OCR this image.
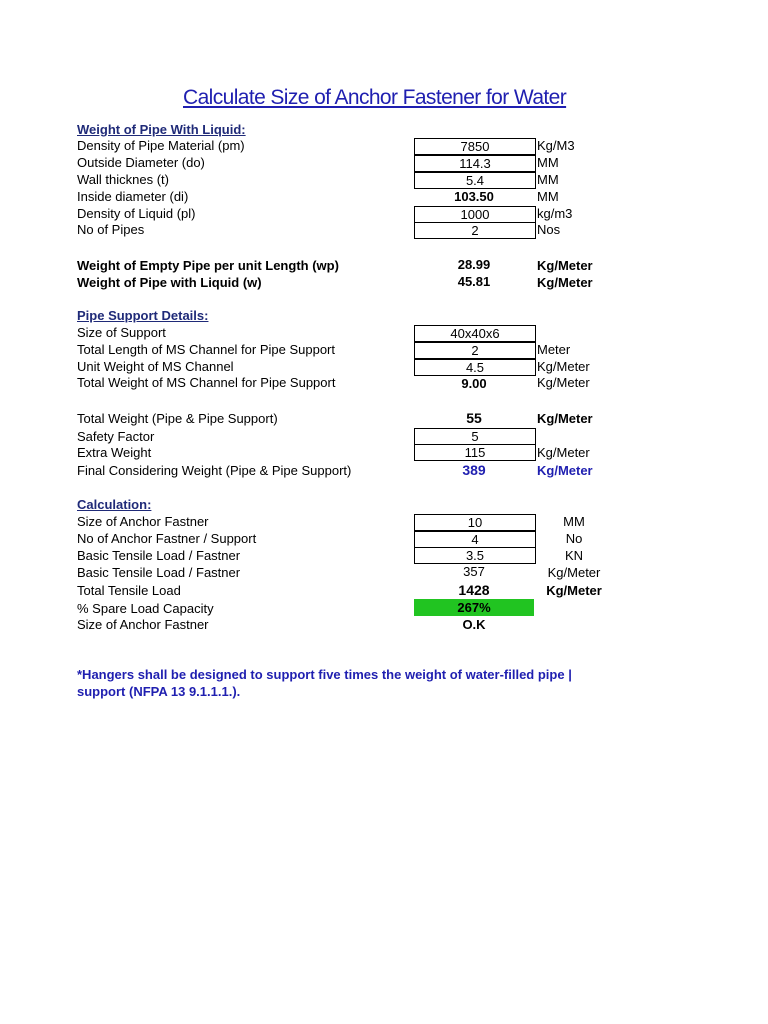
Calculate Size of Anchor Fastener for Water
Weight of Pipe With Liquid:
Density of Pipe Material (pm)	7850	Kg/M3
Outside Diameter (do)	114.3	MM
Wall thicknes (t)	5.4	MM
Inside diameter (di)	103.50	MM
Density of Liquid (pl)	1000	kg/m3
No of Pipes	2	Nos
Weight of Empty Pipe per unit Length (wp)	28.99	Kg/Meter
Weight of Pipe with Liquid (w)	45.81	Kg/Meter
Pipe Support Details:
Size of Support	40x40x6
Total Length of MS Channel for Pipe Support	2	Meter
Unit Weight of MS Channel	4.5	Kg/Meter
Total Weight of MS Channel for Pipe Support	9.00	Kg/Meter
Total Weight (Pipe & Pipe Support)	55	Kg/Meter
Safety Factor	5
Extra Weight	115	Kg/Meter
Final Considering Weight (Pipe & Pipe Support)	389	Kg/Meter
Calculation:
Size of Anchor Fastner	10	MM
No of Anchor Fastner / Support	4	No
Basic Tensile Load / Fastner	3.5	KN
Basic Tensile Load / Fastner	357	Kg/Meter
Total Tensile Load	1428	Kg/Meter
% Spare Load Capacity	267%
Size of Anchor Fastner	O.K
*Hangers shall be designed to support five times the weight of water-filled pipe |
support (NFPA 13 9.1.1.1.).
